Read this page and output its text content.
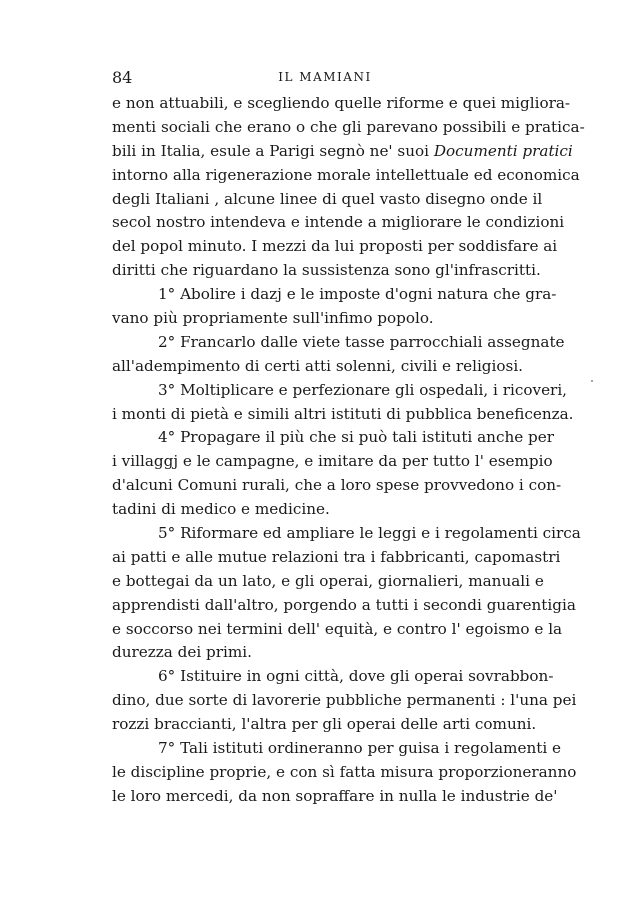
84	IL MAMIANI
e non attuabili, e scegliendo quelle riforme e quei migliora-
menti sociali che erano o che gli parevano possibili e pratica-
bili in Italia, esule a Parigi segnò ne' suoi Documenti pratici
intorno alla rigenerazione morale intellettuale ed economica
degli Italiani , alcune linee di quel vasto disegno onde il
secol nostro intendeva e intende a migliorare le condizioni
del popol minuto. I mezzi da lui proposti per soddisfare ai
diritti che riguardano la sussistenza sono gl'infrascritti.
1° Abolire i dazj e le imposte d'ogni natura che gra-
vano più propriamente sull'infimo popolo.
2° Francarlo dalle viete tasse parrocchiali assegnate
all'adempimento di certi atti solenni, civili e religiosi.
3° Moltiplicare e perfezionare gli ospedali, i ricoveri,
i monti di pietà e simili altri istituti di pubblica beneficenza.
4° Propagare il più che si può tali istituti anche per
i villaggj e le campagne, e imitare da per tutto l' esempio
d'alcuni Comuni rurali, che a loro spese provvedono i con-
tadini di medico e medicine.
5° Riformare ed ampliare le leggi e i regolamenti circa
ai patti e alle mutue relazioni tra i fabbricanti, capomastri
e bottegai da un lato, e gli operai, giornalieri, manuali e
apprendisti dall'altro, porgendo a tutti i secondi guarentigia
e soccorso nei termini dell' equità, e contro l' egoismo e la
durezza dei primi.
6° Istituire in ogni città, dove gli operai sovrabbon-
dino, due sorte di lavorerie pubbliche permanenti : l'una pei
rozzi braccianti, l'altra per gli operai delle arti comuni.
7° Tali istituti ordineranno per guisa i regolamenti e
le discipline proprie, e con sì fatta misura proporzioneranno
le loro mercedi, da non sopraffare in nulla le industrie de'
